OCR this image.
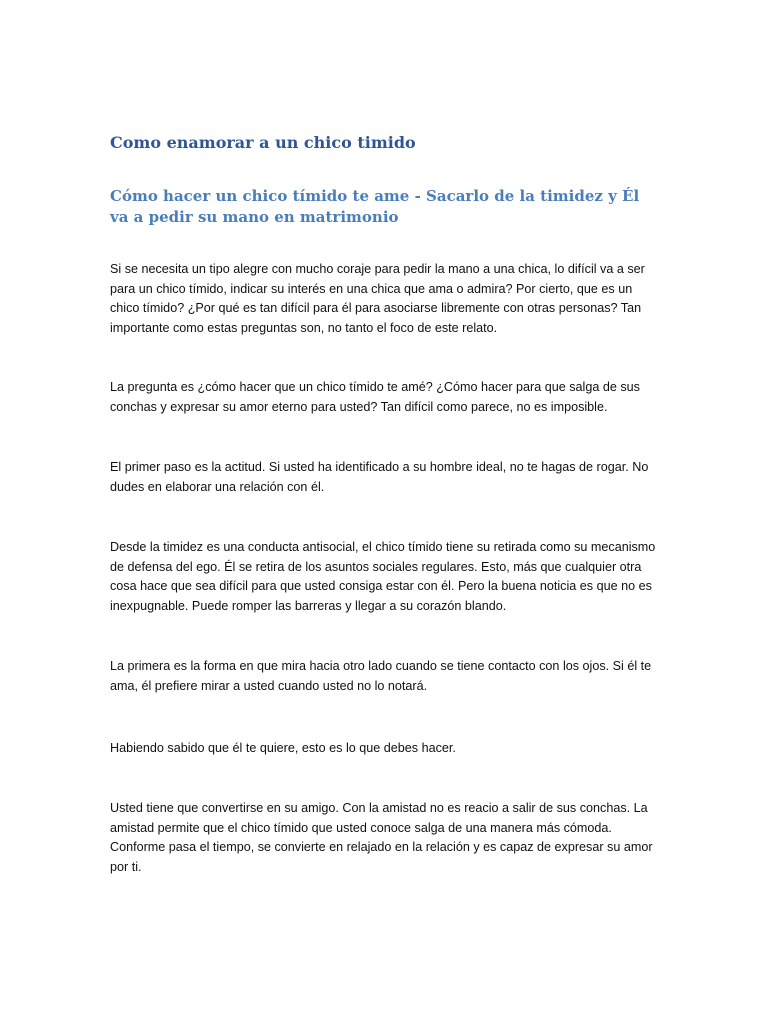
Como enamorar a un chico timido
Cómo hacer un chico tímido te ame - Sacarlo de la timidez y Él va a pedir su mano en matrimonio

Si se necesita un tipo alegre con mucho coraje para pedir la mano a una chica, lo difícil va a ser para un chico tímido, indicar su interés en una chica que ama o admira? Por cierto, que es un chico tímido? ¿Por qué es tan difícil para él para asociarse libremente con otras personas? Tan importante como estas preguntas son, no tanto el foco de este relato.

La pregunta es ¿cómo hacer que un chico tímido te amé? ¿Cómo hacer para que salga de sus conchas y expresar su amor eterno para usted? Tan difícil como parece, no es imposible.

El primer paso es la actitud. Si usted ha identificado a su hombre ideal, no te hagas de rogar. No dudes en elaborar una relación con él.

Desde la timidez es una conducta antisocial, el chico tímido tiene su retirada como su mecanismo de defensa del ego. Él se retira de los asuntos sociales regulares. Esto, más que cualquier otra cosa hace que sea difícil para que usted consiga estar con él. Pero la buena noticia es que no es inexpugnable. Puede romper las barreras y llegar a su corazón blando.

La primera es la forma en que mira hacia otro lado cuando se tiene contacto con los ojos. Si él te ama, él prefiere mirar a usted cuando usted no lo notará.

Habiendo sabido que él te quiere, esto es lo que debes hacer.

Usted tiene que convertirse en su amigo. Con la amistad no es reacio a salir de sus conchas. La amistad permite que el chico tímido que usted conoce salga de una manera más cómoda. Conforme pasa el tiempo, se convierte en relajado en la relación y es capaz de expresar su amor por ti.
